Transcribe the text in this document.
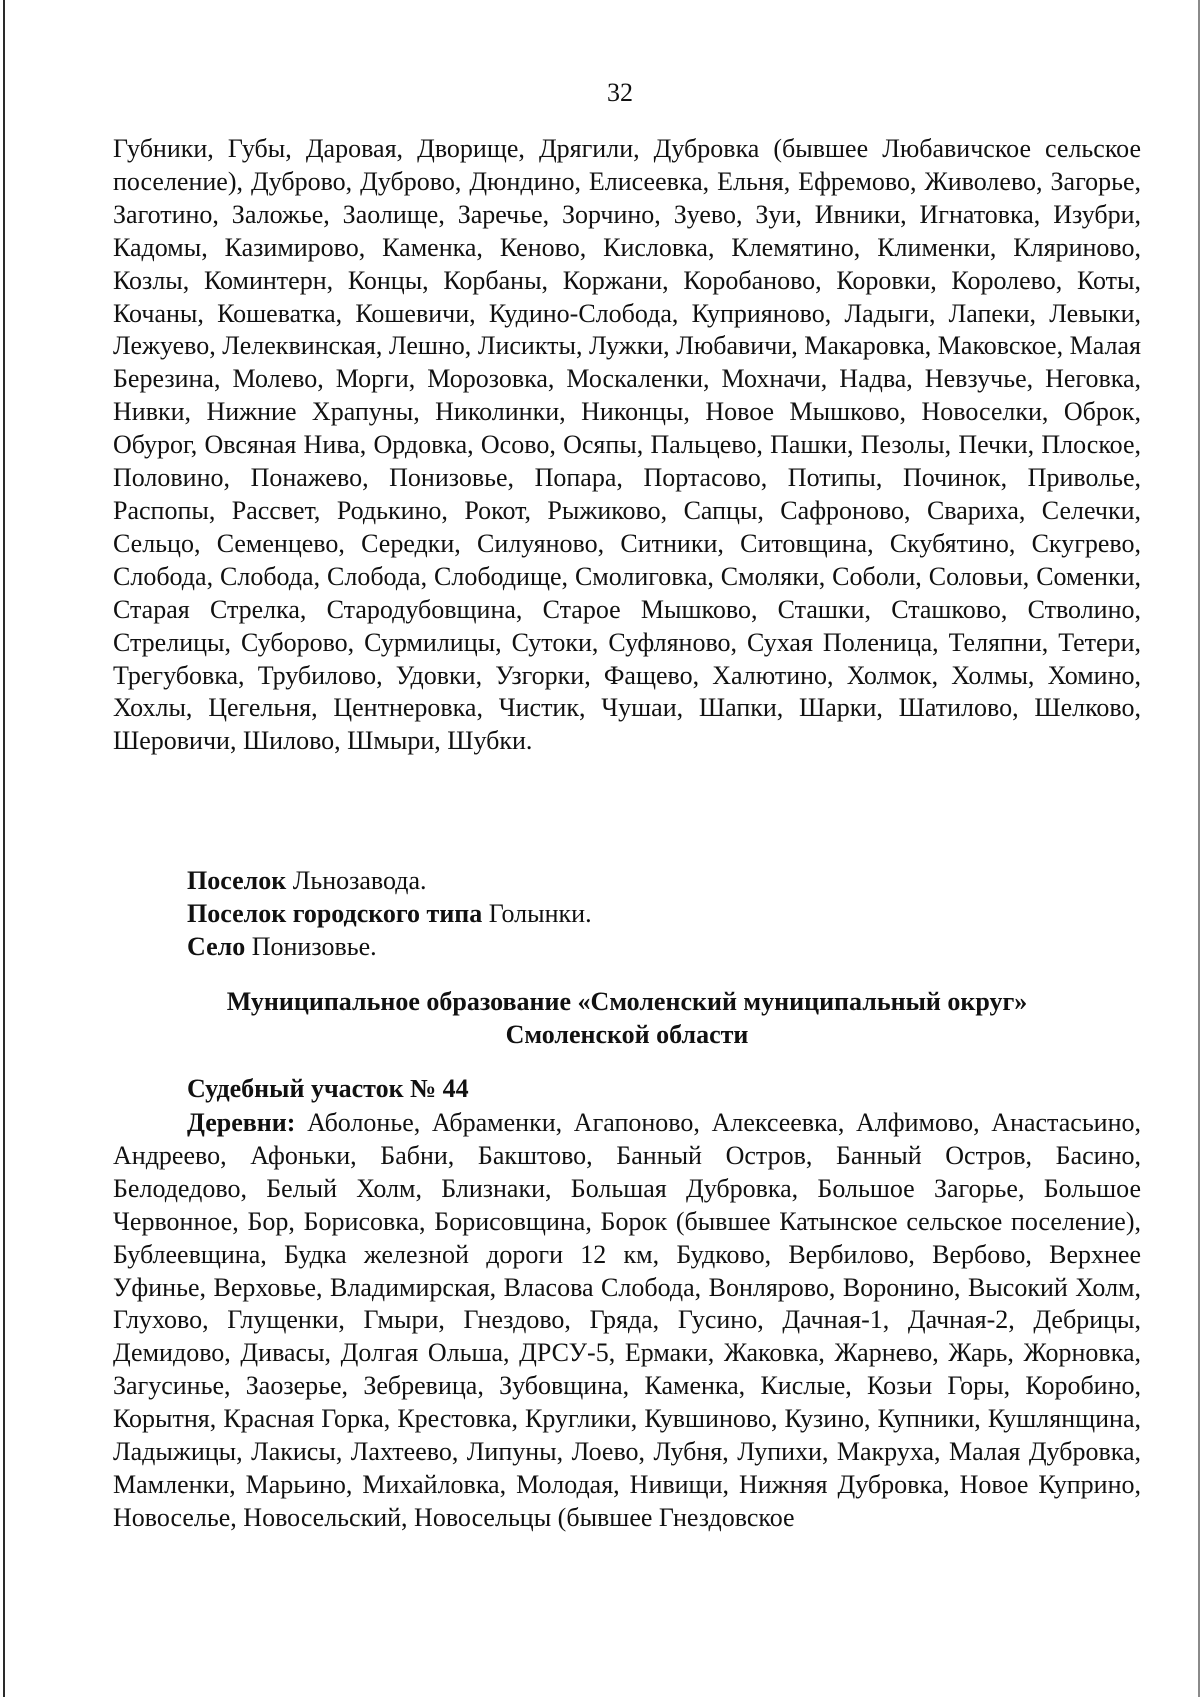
32
Губники, Губы, Даровая, Дворище, Дрягили, Дубровка (бывшее Любавичское сельское поселение), Дуброво, Дуброво, Дюндино, Елисеевка, Ельня, Ефремово, Живолево, Загорье, Заготино, Заложье, Заолище, Заречье, Зорчино, Зуево, Зуи, Ивники, Игнатовка, Изубри, Кадомы, Казимирово, Каменка, Кеново, Кисловка, Клемятино, Клименки, Кляриново, Козлы, Коминтерн, Концы, Корбаны, Коржани, Коробаново, Коровки, Королево, Коты, Кочаны, Кошеватка, Кошевичи, Кудино-Слобода, Куприяново, Ладыги, Лапеки, Левыки, Лежуево, Лелеквинская, Лешно, Лисикты, Лужки, Любавичи, Макаровка, Маковское, Малая Березина, Молево, Морги, Морозовка, Москаленки, Мохначи, Надва, Невзучье, Неговка, Нивки, Нижние Храпуны, Николинки, Никонцы, Новое Мышково, Новоселки, Оброк, Обурог, Овсяная Нива, Ордовка, Осово, Осяпы, Пальцево, Пашки, Пезолы, Печки, Плоское, Половино, Понажево, Понизовье, Попара, Портасово, Потипы, Починок, Приволье, Распопы, Рассвет, Родькино, Рокот, Рыжиково, Сапцы, Сафроново, Свариха, Селечки, Сельцо, Семенцево, Середки, Силуяново, Ситники, Ситовщина, Скубятино, Скугрево, Слобода, Слобода, Слобода, Слободище, Смолиговка, Смоляки, Соболи, Соловьи, Соменки, Старая Стрелка, Стародубовщина, Старое Мышково, Сташки, Сташково, Стволино, Стрелицы, Суборово, Сурмилицы, Сутоки, Суфляново, Сухая Поленица, Теляпни, Тетери, Трегубовка, Трубилово, Удовки, Узгорки, Фащево, Халютино, Холмок, Холмы, Хомино, Хохлы, Цегельня, Центнеровка, Чистик, Чушаи, Шапки, Шарки, Шатилово, Шелково, Шеровичи, Шилово, Шмыри, Шубки.
Поселок Льнозавода.
Поселок городского типа Голынки.
Село Понизовье.
Муниципальное образование «Смоленский муниципальный округ»
Смоленской области
Судебный участок № 44
Деревни: Аболонье, Абраменки, Агапоново, Алексеевка, Алфимово, Анастасьино, Андреево, Афоньки, Бабни, Бакштово, Банный Остров, Банный Остров, Басино, Белодедово, Белый Холм, Близнаки, Большая Дубровка, Большое Загорье, Большое Червонное, Бор, Борисовка, Борисовщина, Борок (бывшее Катынское сельское поселение), Бублеевщина, Будка железной дороги 12 км, Будково, Вербилово, Вербово, Верхнее Уфинье, Верховье, Владимирская, Власова Слобода, Вонлярово, Воронино, Высокий Холм, Глухово, Глущенки, Гмыри, Гнездово, Гряда, Гусино, Дачная-1, Дачная-2, Дебрицы, Демидово, Дивасы, Долгая Ольша, ДРСУ-5, Ермаки, Жаковка, Жарнево, Жарь, Жорновка, Загусинье, Заозерье, Зебревица, Зубовщина, Каменка, Кислые, Козьи Горы, Коробино, Корытня, Красная Горка, Крестовка, Круглики, Кувшиново, Кузино, Купники, Кушлянщина, Ладыжицы, Лакисы, Лахтеево, Липуны, Лоево, Лубня, Лупихи, Макруха, Малая Дубровка, Мамленки, Марьино, Михайловка, Молодая, Нивищи, Нижняя Дубровка, Новое Куприно, Новоселье, Новосельский, Новосельцы (бывшее Гнездовское
